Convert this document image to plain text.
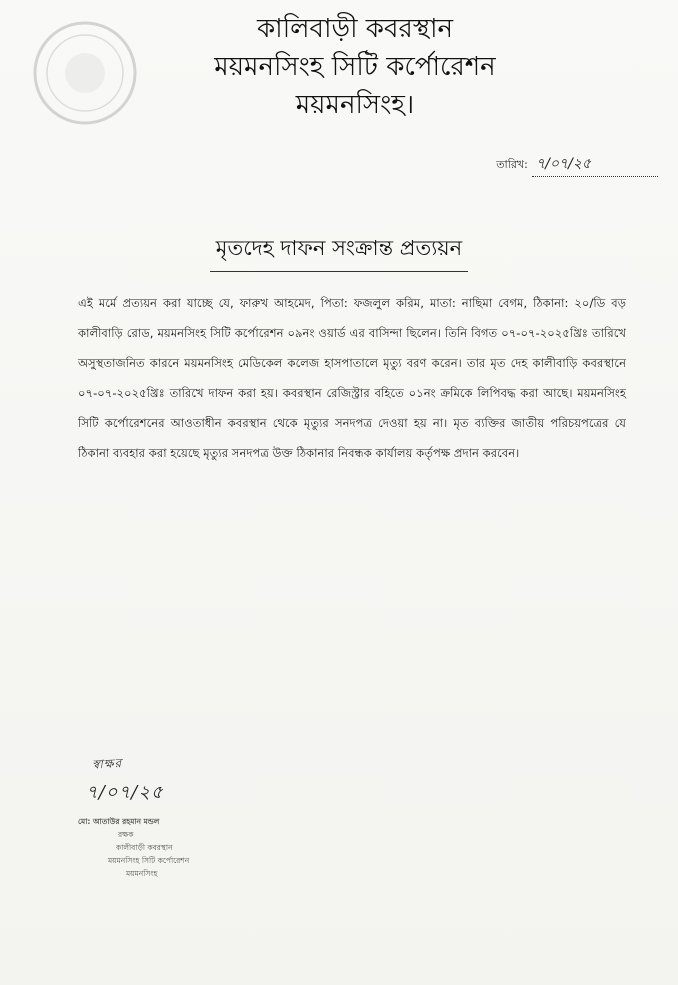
কালিবাড়ী কবরস্থান
ময়মনসিংহ সিটি কর্পোরেশন
ময়মনসিংহ।
তারিখ: ৭/০৭/২৫
মৃতদেহ দাফন সংক্রান্ত প্রত্যয়ন
এই মর্মে প্রত্যয়ন করা যাচ্ছে যে, ফারুখ আহমেদ, পিতা: ফজলুল করিম, মাতা: নাছিমা বেগম, ঠিকানা: ২০/ডি বড় কালীবাড়ি রোড, ময়মনসিংহ সিটি কর্পোরেশন ০৯নং ওয়ার্ড এর বাসিন্দা ছিলেন। তিনি বিগত ০৭-০৭-২০২৫খ্রিঃ তারিখে অসুস্থতাজনিত কারনে ময়মনসিংহ মেডিকেল কলেজ হাসপাতালে মৃত্যু বরণ করেন। তার মৃত দেহ কালীবাড়ি কবরস্থানে ০৭-০৭-২০২৫খ্রিঃ তারিখে দাফন করা হয়। কবরস্থান রেজিস্ট্রার বহিতে ০১নং ক্রমিকে লিপিবদ্ধ করা আছে। ময়মনসিংহ সিটি কর্পোরেশনের আওতাধীন কবরস্থান থেকে মৃত্যুর সনদপত্র দেওয়া হয় না। মৃত ব্যক্তির জাতীয় পরিচয়পত্রের যে ঠিকানা ব্যবহার করা হয়েছে মৃত্যুর সনদপত্র উক্ত ঠিকানার নিবন্ধক কার্যালয় কর্তৃপক্ষ প্রদান করবেন।
স্বাক্ষর
৭/০৭/২৫
মো: আতাউর রহমান মন্ডল
রক্ষক
কালীবাড়ী কবরস্থান
ময়মনসিংহ সিটি কর্পোরেশন
ময়মনসিংহ
